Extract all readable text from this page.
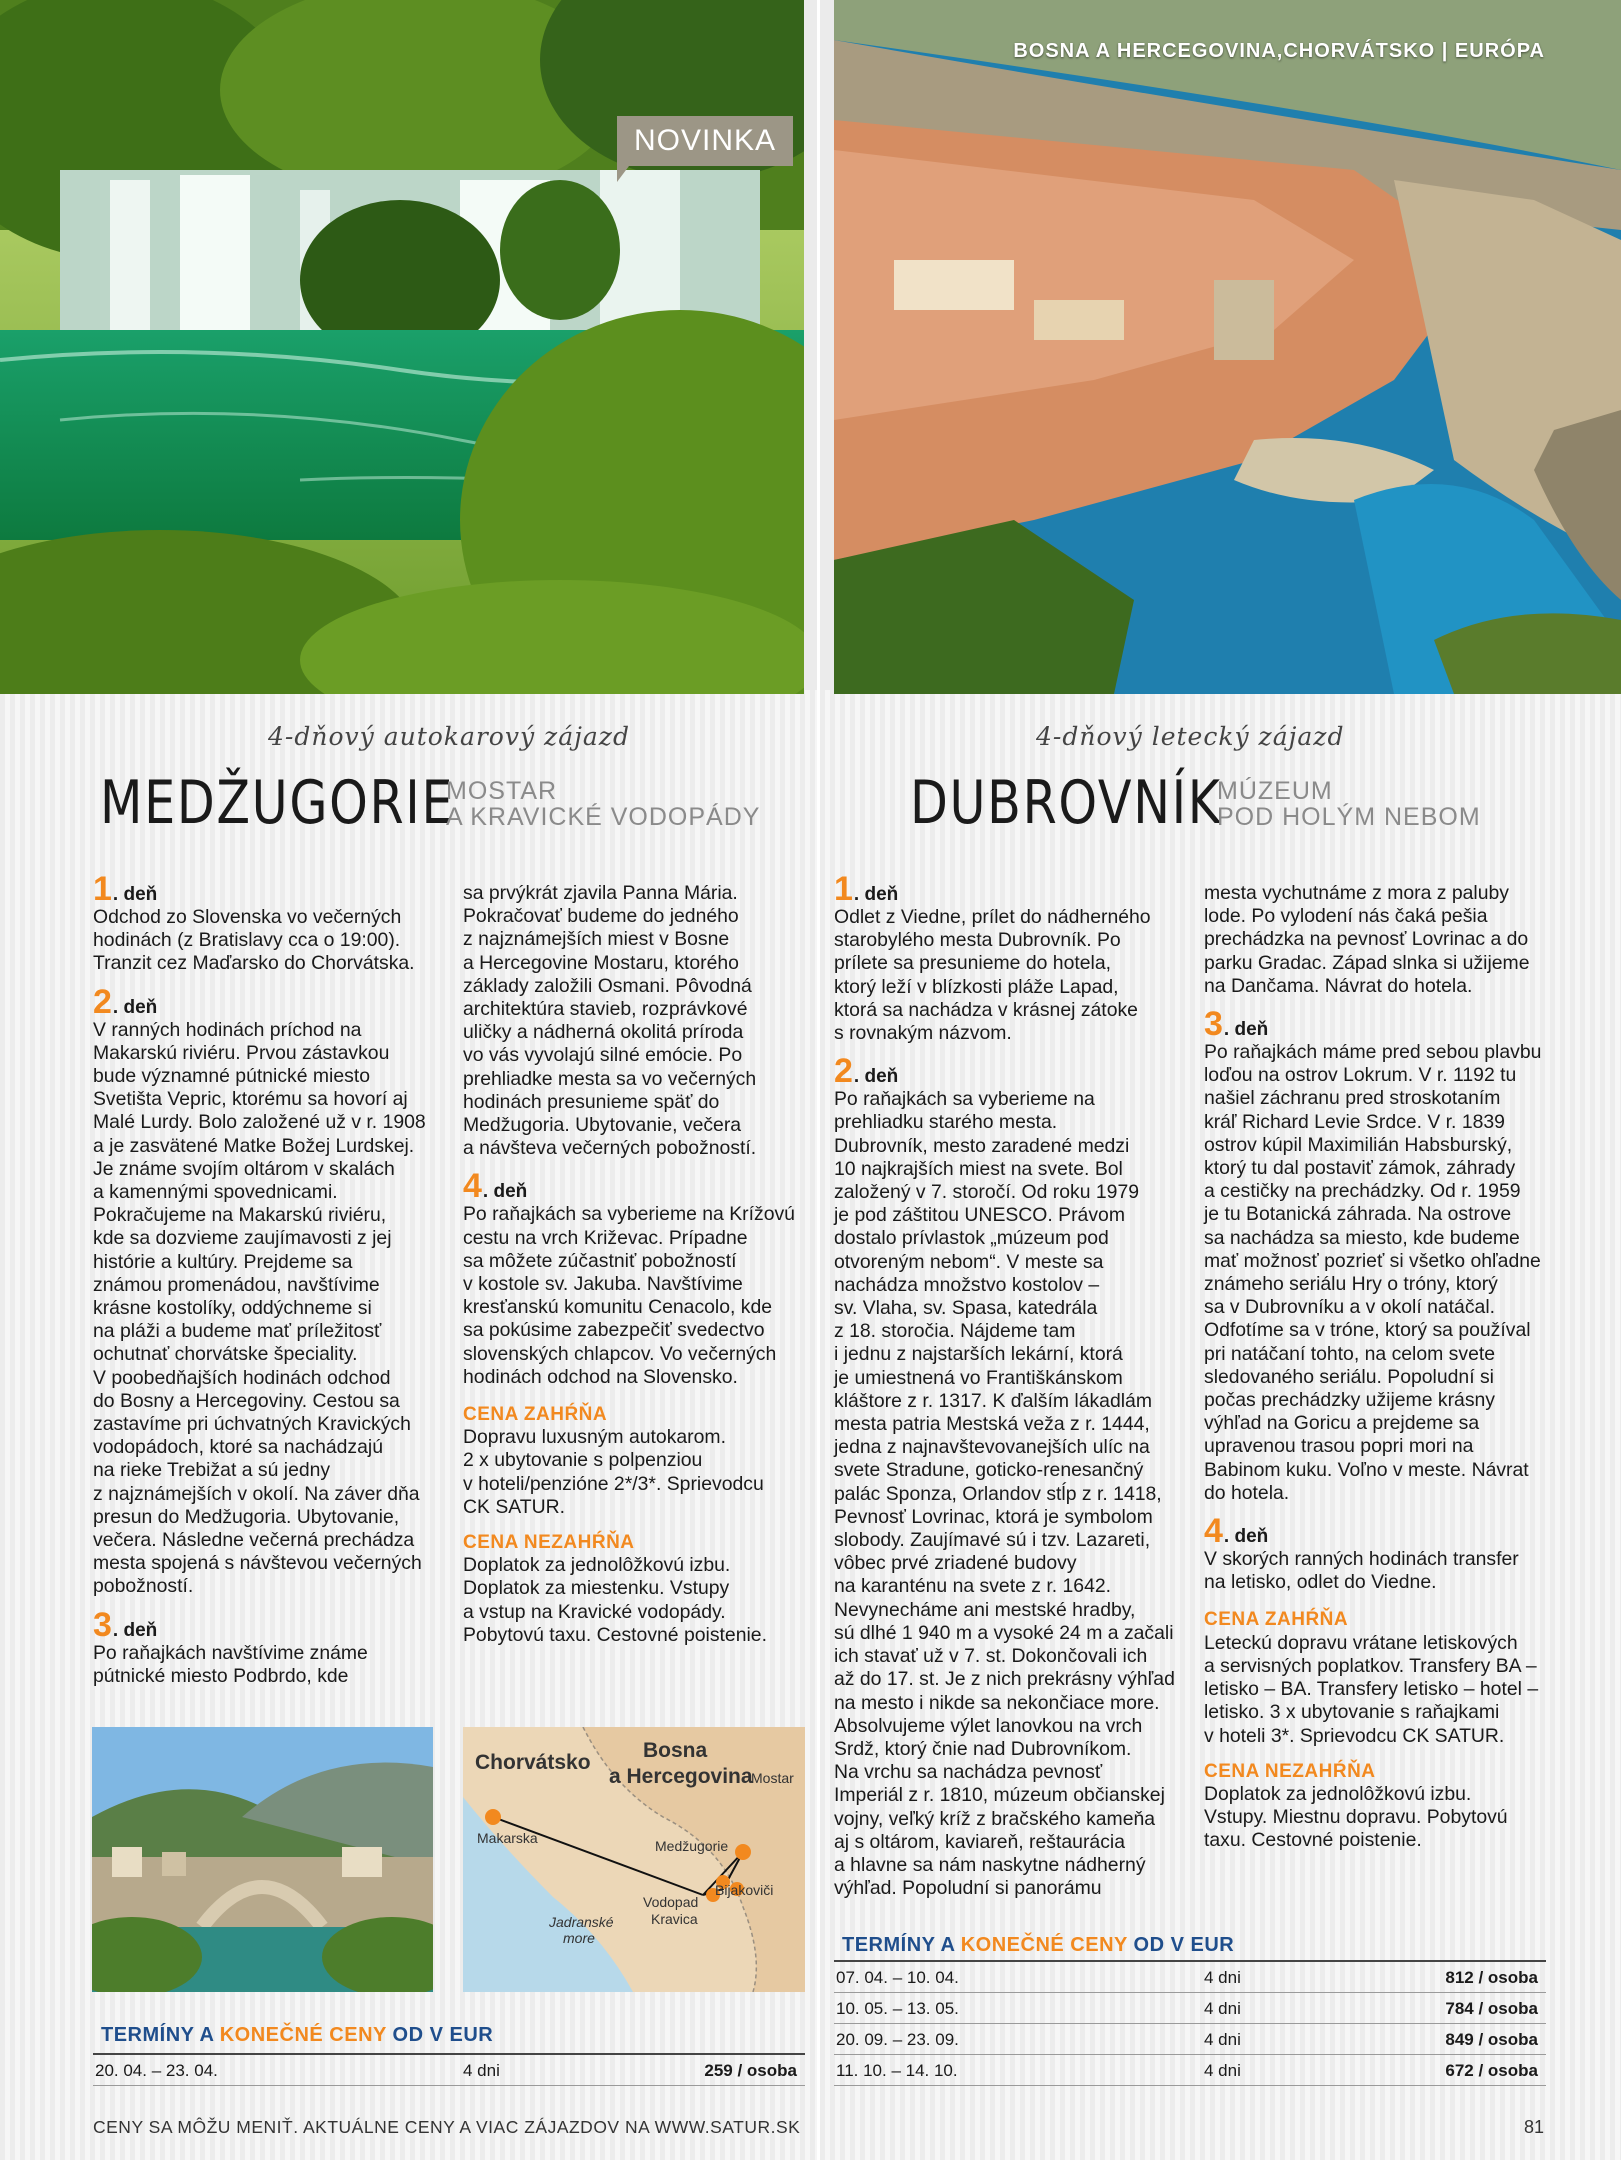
NOVINKA
BOSNA A HERCEGOVINA,CHORVÁTSKO | EURÓPA
4-dňový autokarový zájazd
MEDŽUGORIE
MOSTAR
A KRAVICKÉ VODOPÁDY
4-dňový letecký zájazd
DUBROVNÍK
MÚZEUM
POD HOLÝM NEBOM
1 . deň

Odchod zo Slovenska vo večerných

hodinách (z Bratislavy cca o 19:00).

Tranzit cez Maďarsko do Chorvátska.

2 . deň

V ranných hodinách príchod na

Makarskú riviéru. Prvou zástavkou

bude významné pútnické miesto

Svetišta Vepric, ktorému sa hovorí aj

Malé Lurdy. Bolo založené už v r. 1908

a je zasvätené Matke Božej Lurdskej.

Je známe svojím oltárom v skalách

a kamennými spovednicami.

Pokračujeme na Makarskú riviéru,

kde sa dozvieme zaujímavosti z jej

histórie a kultúry. Prejdeme sa

známou promenádou, navštívime

krásne kostolíky, oddýchneme si

na pláži a budeme mať príležitosť

ochutnať chorvátske špeciality.

V poobedňajších hodinách odchod

do Bosny a Hercegoviny. Cestou sa

zastavíme pri úchvatných Kravických

vodopádoch, ktoré sa nachádzajú

na rieke Trebižat a sú jedny

z najznámejších v okolí. Na záver dňa

presun do Medžugoria. Ubytovanie,

večera. Následne večerná prechádza

mesta spojená s návštevou večerných

pobožností.

3 . deň

Po raňajkách navštívime známe

pútnické miesto Podbrdo, kde

sa prvýkrát zjavila Panna Mária.

Pokračovať budeme do jedného

z najznámejších miest v Bosne

a Hercegovine Mostaru, ktorého

základy založili Osmani. Pôvodná

architektúra stavieb, rozprávkové

uličky a nádherná okolitá príroda

vo vás vyvolajú silné emócie. Po

prehliadke mesta sa vo večerných

hodinách presunieme späť do

Medžugoria. Ubytovanie, večera

a návšteva večerných pobožností.

4 . deň

Po raňajkách sa vyberieme na Krížovú

cestu na vrch Križevac. Prípadne

sa môžete zúčastniť pobožností

v kostole sv. Jakuba. Navštívime

kresťanskú komunitu Cenacolo, kde

sa pokúsime zabezpečiť svedectvo

slovenských chlapcov. Vo večerných

hodinách odchod na Slovensko.

CENA ZAHŔŇA

Dopravu luxusným autokarom.

2 x ubytovanie s polpenziou

v hoteli/penzióne 2*/3*. Sprievodcu

CK SATUR.

CENA NEZAHŔŇA

Doplatok za jednolôžkovú izbu.

Doplatok za miestenku. Vstupy

a vstup na Kravické vodopády.

Pobytovú taxu. Cestovné poistenie.

1 . deň

Odlet z Viedne, prílet do nádherného

starobylého mesta Dubrovník. Po

prílete sa presunieme do hotela,

ktorý leží v blízkosti pláže Lapad,

ktorá sa nachádza v krásnej zátoke

s rovnakým názvom.

2 . deň

Po raňajkách sa vyberieme na

prehliadku starého mesta.

Dubrovník, mesto zaradené medzi

10 najkrajších miest na svete. Bol

založený v 7. storočí. Od roku 1979

je pod záštitou UNESCO. Právom

dostalo prívlastok „múzeum pod

otvoreným nebom“. V meste sa

nachádza množstvo kostolov –

sv. Vlaha, sv. Spasa, katedrála

z 18. storočia. Nájdeme tam

i jednu z najstarších lekární, ktorá

je umiestnená vo Františkánskom

kláštore z r. 1317. K ďalším lákadlám

mesta patria Mestská veža z r. 1444,

jedna z najnavštevovanejších ulíc na

svete Stradune, goticko-renesančný

palác Sponza, Orlandov stĺp z r. 1418,

Pevnosť Lovrinac, ktorá je symbolom

slobody. Zaujímavé sú i tzv. Lazareti,

vôbec prvé zriadené budovy

na karanténu na svete z r. 1642.

Nevynecháme ani mestské hradby,

sú dlhé 1 940 m a vysoké 24 m a začali

ich stavať už v 7. st. Dokončovali ich

až do 17. st. Je z nich prekrásny výhľad

na mesto i nikde sa nekončiace more.

Absolvujeme výlet lanovkou na vrch

Srdž, ktorý čnie nad Dubrovníkom.

Na vrchu sa nachádza pevnosť

Imperiál z r. 1810, múzeum občianskej

vojny, veľký kríž z bračského kameňa

aj s oltárom, kaviareň, reštaurácia

a hlavne sa nám naskytne nádherný

výhľad. Popoludní si panorámu

mesta vychutnáme z mora z paluby

lode. Po vylodení nás čaká pešia

prechádzka na pevnosť Lovrinac a do

parku Gradac. Západ slnka si užijeme

na Dančama. Návrat do hotela.

3 . deň

Po raňajkách máme pred sebou plavbu

loďou na ostrov Lokrum. V r. 1192 tu

našiel záchranu pred stroskotaním

kráľ Richard Levie Srdce. V r. 1839

ostrov kúpil Maximilián Habsburský,

ktorý tu dal postaviť zámok, záhrady

a cestičky na prechádzky. Od r. 1959

je tu Botanická záhrada. Na ostrove

sa nachádza sa miesto, kde budeme

mať možnosť pozrieť si všetko ohľadne

známeho seriálu Hry o tróny, ktorý

sa v Dubrovníku a v okolí natáčal.

Odfotíme sa v tróne, ktorý sa používal

pri natáčaní tohto, na celom svete

sledovaného seriálu. Popoludní si

počas prechádzky užijeme krásny

výhľad na Goricu a prejdeme sa

upravenou trasou popri mori na

Babinom kuku. Voľno v meste. Návrat

do hotela.

4 . deň

V skorých ranných hodinách transfer

na letisko, odlet do Viedne.

CENA ZAHŔŇA

Leteckú dopravu vrátane letiskových

a servisných poplatkov. Transfery BA –

letisko – BA. Transfery letisko – hotel –

letisko. 3 x ubytovanie s raňajkami

v hoteli 3*. Sprievodcu CK SATUR.

CENA NEZAHŔŇA

Doplatok za jednolôžkovú izbu.

Vstupy. Miestnu dopravu. Pobytovú

taxu. Cestovné poistenie.

Chorvátsko
Bosna
a Hercegovina
Mostar
Makarska	Medžugorie
Bijakoviči
Vodopad
Kravica
Jadranské
more
TERMÍNY A KONEČNÉ CENY OD V EUR
20. 04. – 23. 04.	4 dni	259 / osoba
TERMÍNY A KONEČNÉ CENY OD V EUR
07. 04. – 10. 04.	4 dni	812 / osoba
10. 05. – 13. 05.	4 dni	784 / osoba
20. 09. – 23. 09.	4 dni	849 / osoba
11. 10. – 14. 10.	4 dni	672 / osoba
CENY SA MÔŽU MENIŤ. AKTUÁLNE CENY A VIAC ZÁJAZDOV NA WWW.SATUR.SK	81
